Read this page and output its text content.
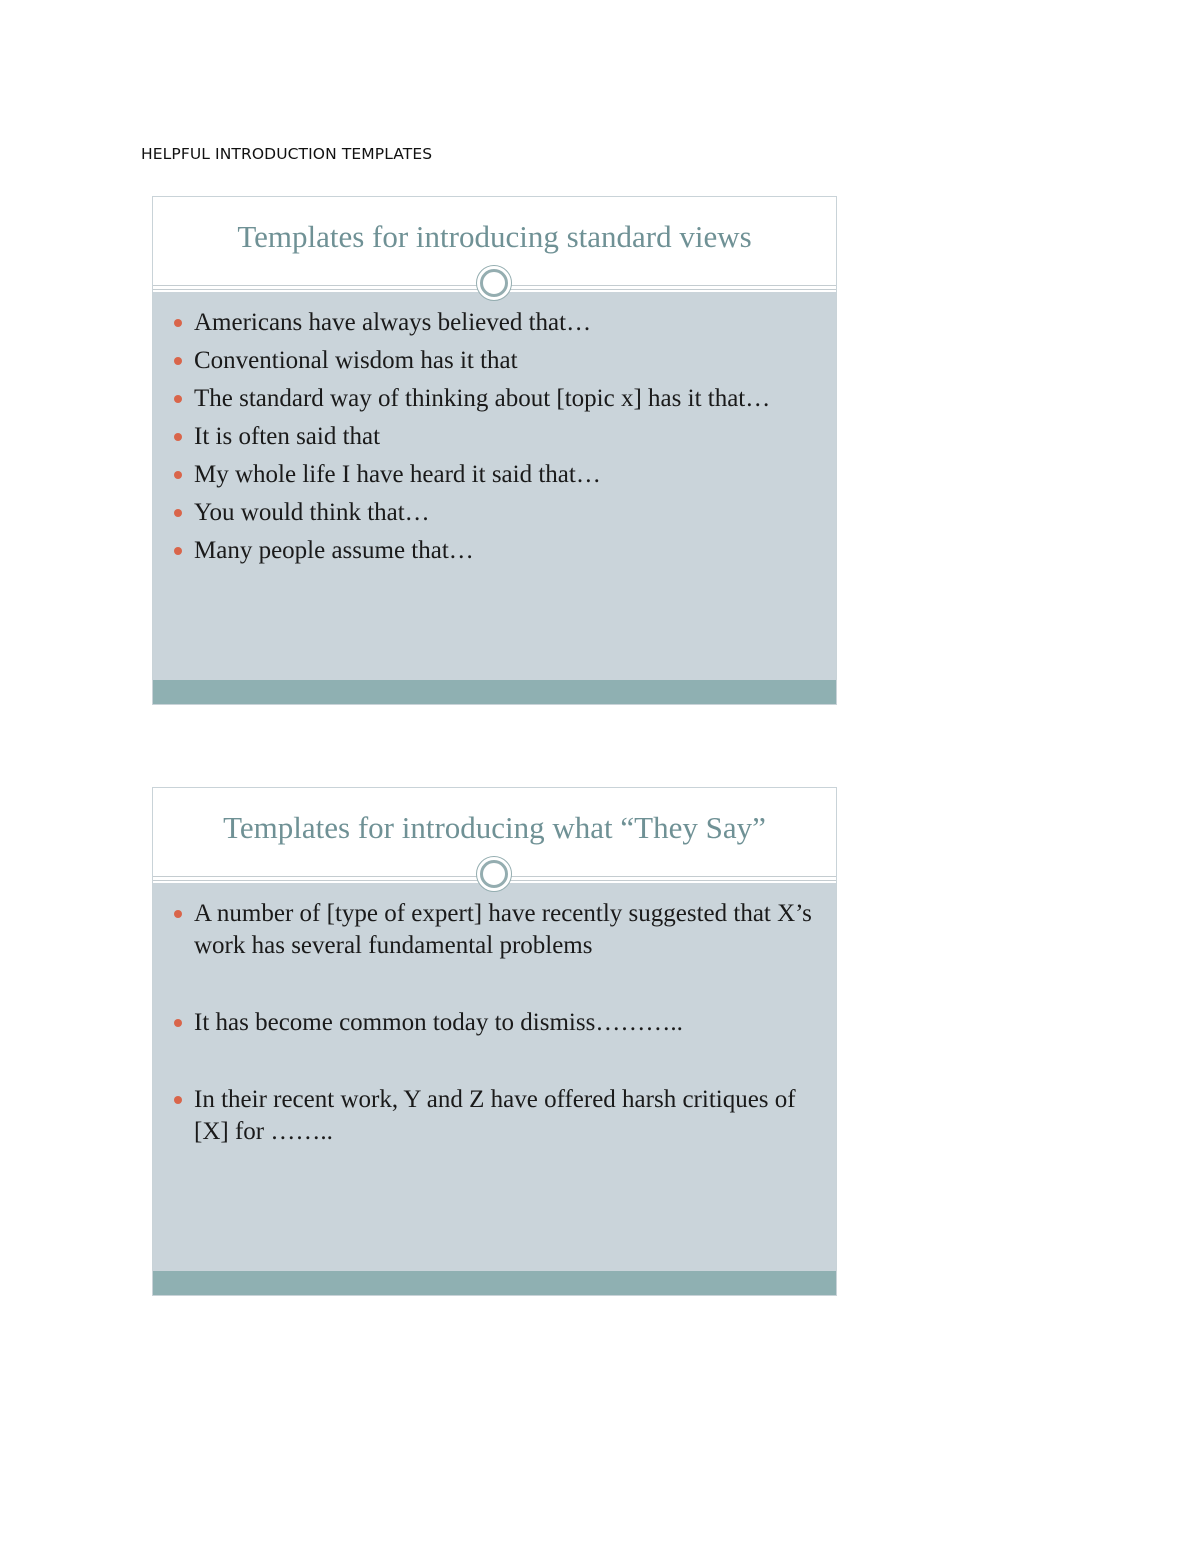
HELPFUL INTRODUCTION TEMPLATES
Templates for introducing standard views
Americans have always believed that…
Conventional wisdom has it that
The standard way of thinking about [topic x] has it that…
It is often said that
My whole life I have heard it said that…
You would think that…
Many people assume that…
Templates for introducing what “They Say”
A number of [type of expert] have recently suggested that X’s work has several fundamental problems
It has become common today to dismiss………..
In their recent work, Y and Z have offered harsh critiques of [X] for ……..
